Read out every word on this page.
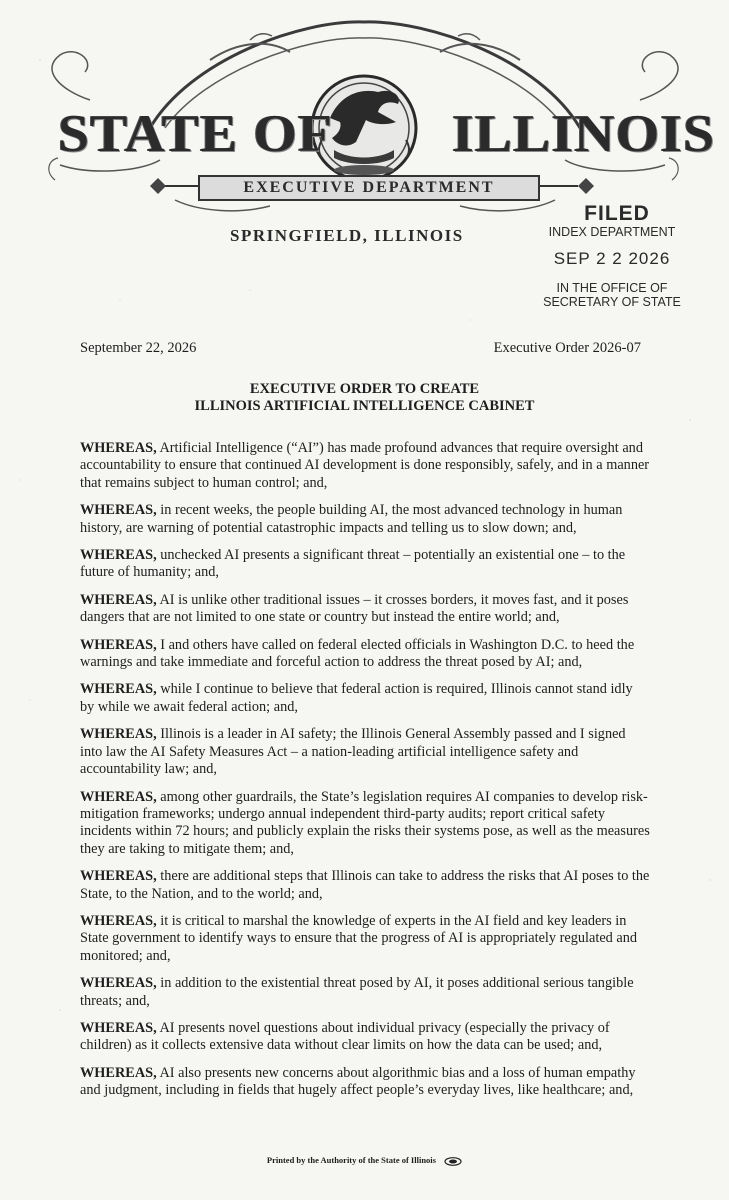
STATE OF ILLINOIS
EXECUTIVE DEPARTMENT
SPRINGFIELD, ILLINOIS
FILED
INDEX DEPARTMENT
SEP 2 2 2026
IN THE OFFICE OF
SECRETARY OF STATE
September 22, 2026	Executive Order 2026-07
EXECUTIVE ORDER TO CREATE
ILLINOIS ARTIFICIAL INTELLIGENCE CABINET

WHEREAS, Artificial Intelligence (“AI”) has made profound advances that require oversight and accountability to ensure that continued AI development is done responsibly, safely, and in a manner that remains subject to human control; and,

WHEREAS, in recent weeks, the people building AI, the most advanced technology in human history, are warning of potential catastrophic impacts and telling us to slow down; and,

WHEREAS, unchecked AI presents a significant threat – potentially an existential one – to the future of humanity; and,

WHEREAS, AI is unlike other traditional issues – it crosses borders, it moves fast, and it poses dangers that are not limited to one state or country but instead the entire world; and,

WHEREAS, I and others have called on federal elected officials in Washington D.C. to heed the warnings and take immediate and forceful action to address the threat posed by AI; and,

WHEREAS, while I continue to believe that federal action is required, Illinois cannot stand idly by while we await federal action; and,

WHEREAS, Illinois is a leader in AI safety; the Illinois General Assembly passed and I signed into law the AI Safety Measures Act – a nation-leading artificial intelligence safety and accountability law; and,

WHEREAS, among other guardrails, the State’s legislation requires AI companies to develop risk-mitigation frameworks; undergo annual independent third-party audits; report critical safety incidents within 72 hours; and publicly explain the risks their systems pose, as well as the measures they are taking to mitigate them; and,

WHEREAS, there are additional steps that Illinois can take to address the risks that AI poses to the State, to the Nation, and to the world; and,

WHEREAS, it is critical to marshal the knowledge of experts in the AI field and key leaders in State government to identify ways to ensure that the progress of AI is appropriately regulated and monitored; and,

WHEREAS, in addition to the existential threat posed by AI, it poses additional serious tangible threats; and,

WHEREAS, AI presents novel questions about individual privacy (especially the privacy of children) as it collects extensive data without clear limits on how the data can be used; and,

WHEREAS, AI also presents new concerns about algorithmic bias and a loss of human empathy and judgment, including in fields that hugely affect people’s everyday lives, like healthcare; and,

Printed by the Authority of the State of Illinois
